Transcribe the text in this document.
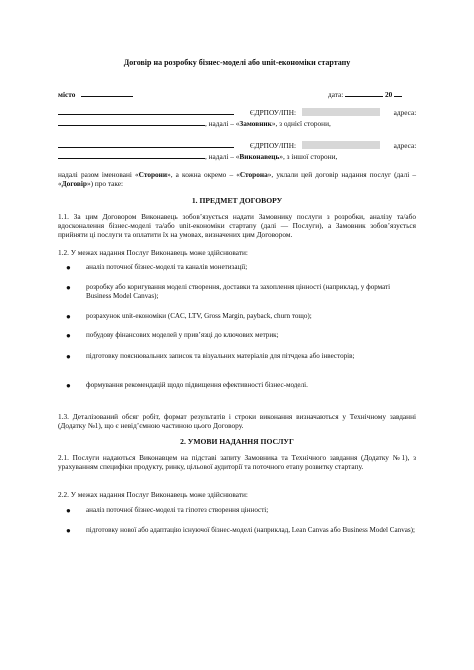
Договір на розробку бізнес-моделі або unit-економіки стартапу
місто	дата:	20
ЄДРПОУ/ІПН:	адреса:
, надалі – «Замовник», з однієї сторони,
ЄДРПОУ/ІПН:	адреса:
, надалі – «Виконавець», з іншої сторони,
надалі разом іменовані «Сторони», а кожна окремо – «Сторона», уклали цей договір надання послуг (далі – «Договір») про таке:
1. ПРЕДМЕТ ДОГОВОРУ
1.1. За цим Договором Виконавець зобов’язується надати Замовнику послуги з розробки, аналізу та/або вдосконалення бізнес-моделі та/або unit-економіки стартапу (далі — Послуги), а Замовник зобов’язується прийняти ці послуги та оплатити їх на умовах, визначених цим Договором.
1.2. У межах надання Послуг Виконавець може здійснювати:
● аналіз поточної бізнес-моделі та каналів монетизації;
● розробку або коригування моделі створення, доставки та захоплення цінності (наприклад, у форматі Business Model Canvas);
● розрахунок unit-економіки (CAC, LTV, Gross Margin, payback, churn тощо);
● побудову фінансових моделей у прив’язці до ключових метрик;
● підготовку пояснювальних записок та візуальних матеріалів для пітчдека або інвесторів;
● формування рекомендацій щодо підвищення ефективності бізнес-моделі.
1.3. Деталізований обсяг робіт, формат результатів і строки виконання визначаються у Технічному завданні (Додатку №1), що є невід’ємною частиною цього Договору.
2. УМОВИ НАДАННЯ ПОСЛУГ
2.1. Послуги надаються Виконавцем на підставі запиту Замовника та Технічного завдання (Додатку №1), з урахуванням специфіки продукту, ринку, цільової аудиторії та поточного етапу розвитку стартапу.
2.2. У межах надання Послуг Виконавець може здійснювати:
● аналіз поточної бізнес-моделі та гіпотез створення цінності;
● підготовку нової або адаптацію існуючої бізнес-моделі (наприклад, Lean Canvas або Business Model Canvas);
